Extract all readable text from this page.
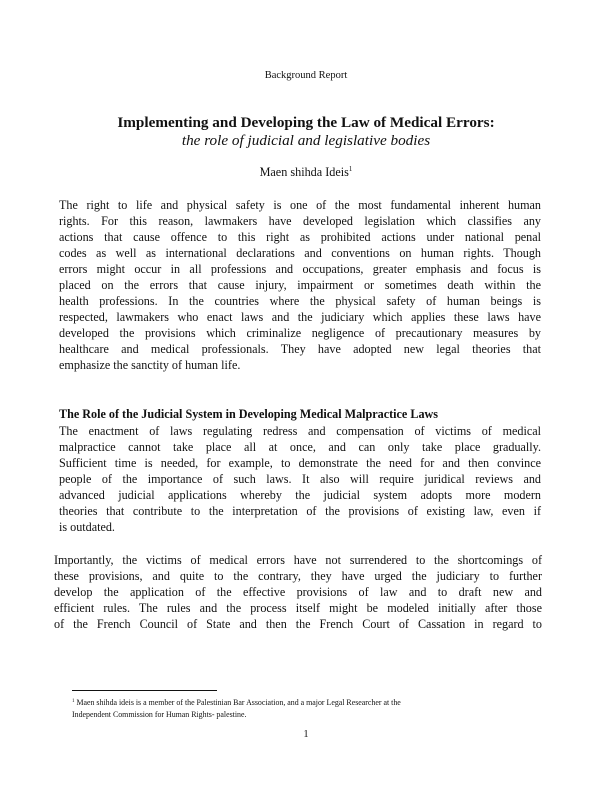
Background Report
Implementing and Developing the Law of Medical Errors:
the role of judicial and legislative bodies
Maen shihda Ideis$^1$
The right to life and physical safety is one of the most fundamental inherent human
rights. For this reason, lawmakers have developed legislation which classifies any
actions that cause offence to this right as prohibited actions under national penal
codes as well as international declarations and conventions on human rights. Though
errors might occur in all professions and occupations, greater emphasis and focus is
placed on the errors that cause injury, impairment or sometimes death within the
health professions. In the countries where the physical safety of human beings is
respected, lawmakers who enact laws and the judiciary which applies these laws have
developed the provisions which criminalize negligence of precautionary measures by
healthcare and medical professionals. They have adopted new legal theories that
emphasize the sanctity of human life.
The Role of the Judicial System in Developing Medical Malpractice Laws
The enactment of laws regulating redress and compensation of victims of medical
malpractice cannot take place all at once, and can only take place gradually.
Sufficient time is needed, for example, to demonstrate the need for and then convince
people of the importance of such laws. It also will require juridical reviews and
advanced judicial applications whereby the judicial system adopts more modern
theories that contribute to the interpretation of the provisions of existing law, even if
is outdated.
Importantly, the victims of medical errors have not surrendered to the shortcomings of
these provisions, and quite to the contrary, they have urged the judiciary to further
develop the application of the effective provisions of law and to draft new and
efficient rules. The rules and the process itself might be modeled initially after those
of the French Council of State and then the French Court of Cassation in regard to
$^1$ Maen shihda ideis is a member of the Palestinian Bar Association, and a major Legal Researcher at the
Independent Commission for Human Rights- palestine.
1
